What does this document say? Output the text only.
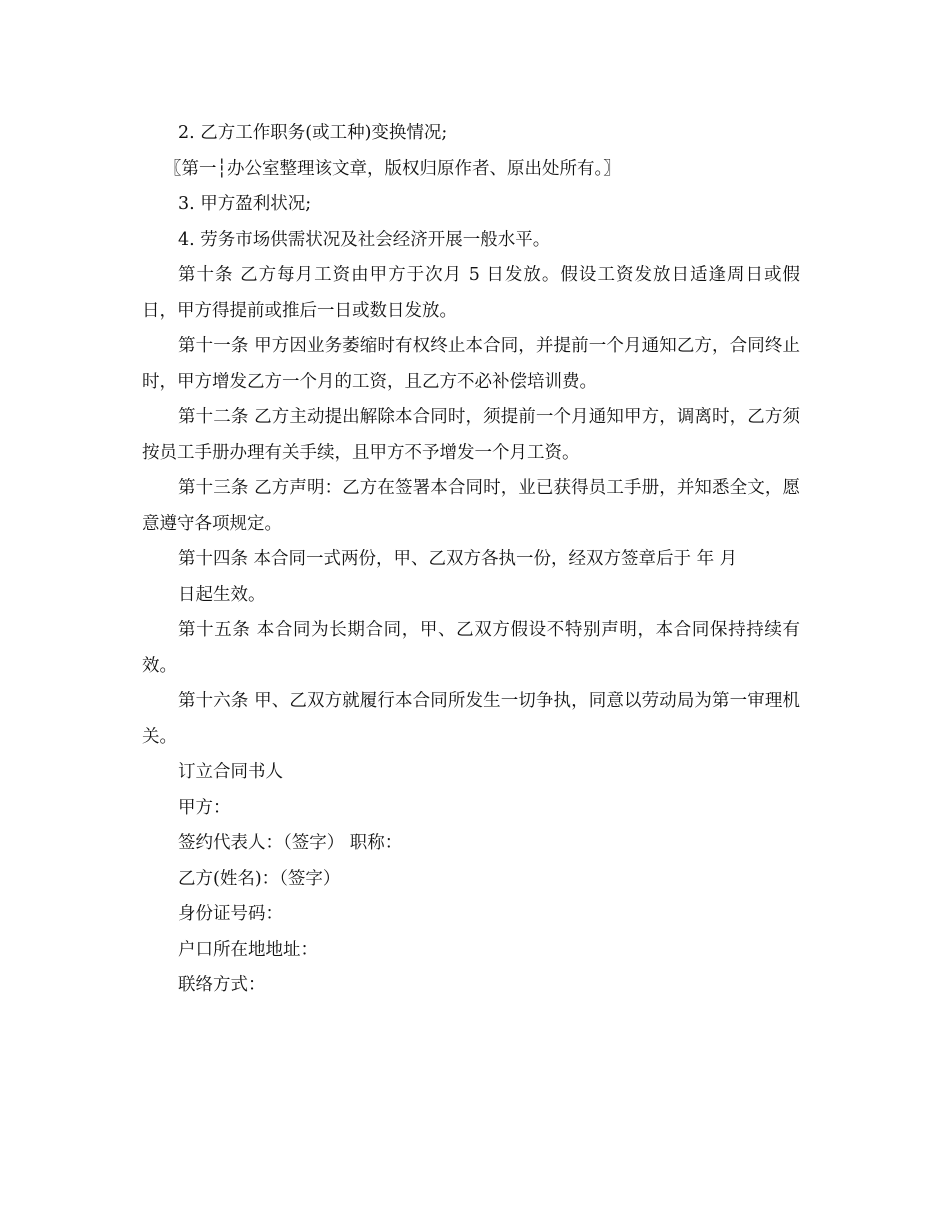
2. 乙方工作职务(或工种)变换情况;

〖第一┆办公室整理该文章，版权归原作者、原出处所有。〗

3. 甲方盈利状况;

4. 劳务市场供需状况及社会经济开展一般水平。

第十条 乙方每月工资由甲方于次月 5 日发放。假设工资发放日适逢周日或假日，甲方得提前或推后一日或数日发放。

第十一条 甲方因业务萎缩时有权终止本合同，并提前一个月通知乙方，合同终止时，甲方增发乙方一个月的工资，且乙方不必补偿培训费。

第十二条 乙方主动提出解除本合同时，须提前一个月通知甲方，调离时，乙方须按员工手册办理有关手续，且甲方不予增发一个月工资。

第十三条 乙方声明：乙方在签署本合同时，业已获得员工手册，并知悉全文，愿意遵守各项规定。

第十四条 本合同一式两份，甲、乙双方各执一份，经双方签章后于 年 月

日起生效。

第十五条 本合同为长期合同，甲、乙双方假设不特别声明，本合同保持持续有效。

第十六条 甲、乙双方就履行本合同所发生一切争执，同意以劳动局为第一审理机关。

订立合同书人

甲方：

签约代表人：（签字） 职称：

乙方(姓名)：（签字）

身份证号码：

户口所在地地址：

联络方式：
